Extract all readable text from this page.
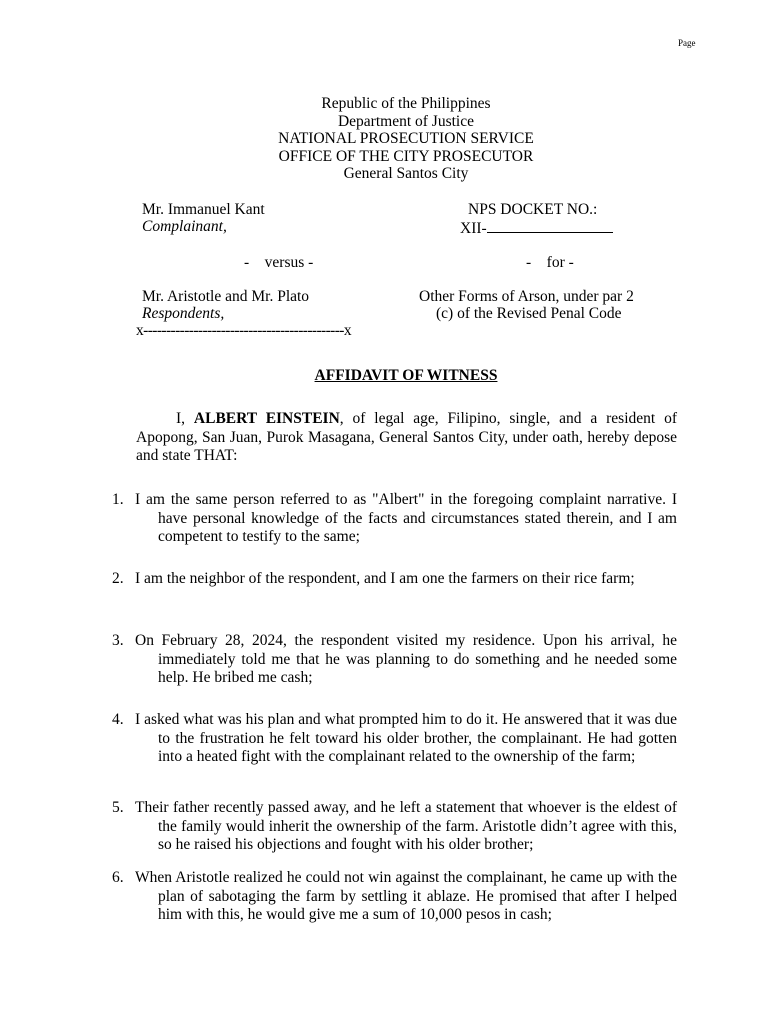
Page
Republic of the Philippines
Department of Justice
NATIONAL PROSECUTION SERVICE
OFFICE OF THE CITY PROSECUTOR
General Santos City
Mr. Immanuel Kant
Complainant,
NPS DOCKET NO.:
XII-
-    versus -	-    for -
Mr. Aristotle and Mr. Plato
Respondents,
Other Forms of Arson, under par 2
(c) of the Revised Penal Code
x--------------------------------------------x
AFFIDAVIT OF WITNESS
I, ALBERT EINSTEIN, of legal age, Filipino, single, and a resident of Apopong, San Juan, Purok Masagana, General Santos City, under oath, hereby depose and state THAT:
1. I am the same person referred to as "Albert" in the foregoing complaint narrative. I have personal knowledge of the facts and circumstances stated therein, and I am competent to testify to the same;
2. I am the neighbor of the respondent, and I am one the farmers on their rice farm;
3. On February 28, 2024, the respondent visited my residence. Upon his arrival, he immediately told me that he was planning to do something and he needed some help. He bribed me cash;
4. I asked what was his plan and what prompted him to do it. He answered that it was due to the frustration he felt toward his older brother, the complainant. He had gotten into a heated fight with the complainant related to the ownership of the farm;
5. Their father recently passed away, and he left a statement that whoever is the eldest of the family would inherit the ownership of the farm. Aristotle didn’t agree with this, so he raised his objections and fought with his older brother;
6. When Aristotle realized he could not win against the complainant, he came up with the plan of sabotaging the farm by settling it ablaze. He promised that after I helped him with this, he would give me a sum of 10,000 pesos in cash;
